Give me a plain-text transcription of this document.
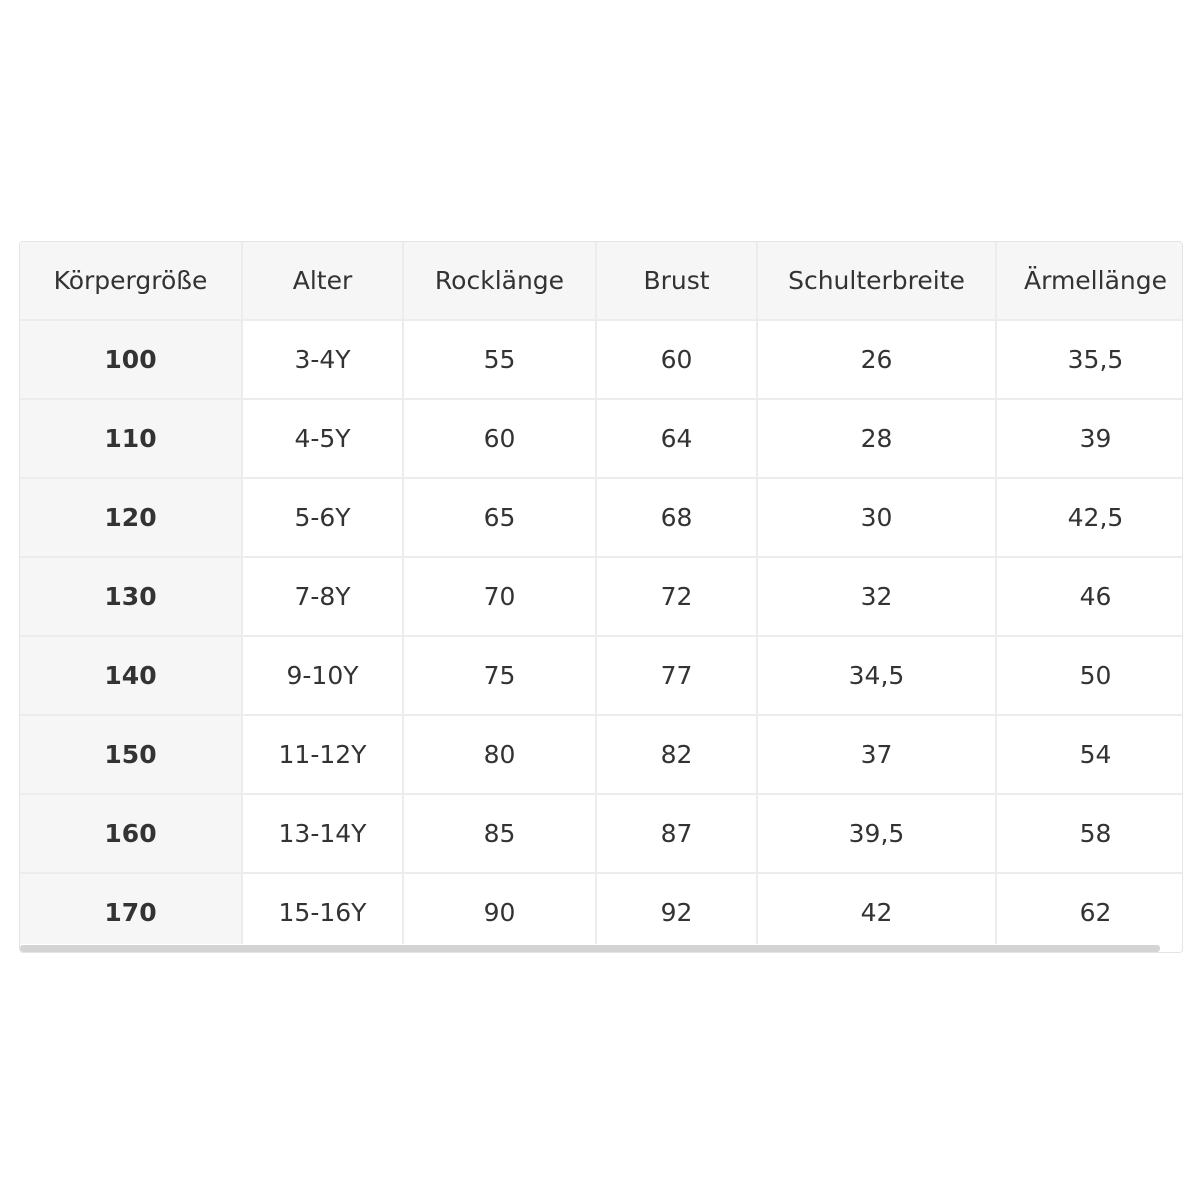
Körpergröße	Alter	Rocklänge	Brust	Schulterbreite	Ärmellänge
100	3-4Y	55	60	26	35,5
110	4-5Y	60	64	28	39
120	5-6Y	65	68	30	42,5
130	7-8Y	70	72	32	46
140	9-10Y	75	77	34,5	50
150	11-12Y	80	82	37	54
160	13-14Y	85	87	39,5	58
170	15-16Y	90	92	42	62
